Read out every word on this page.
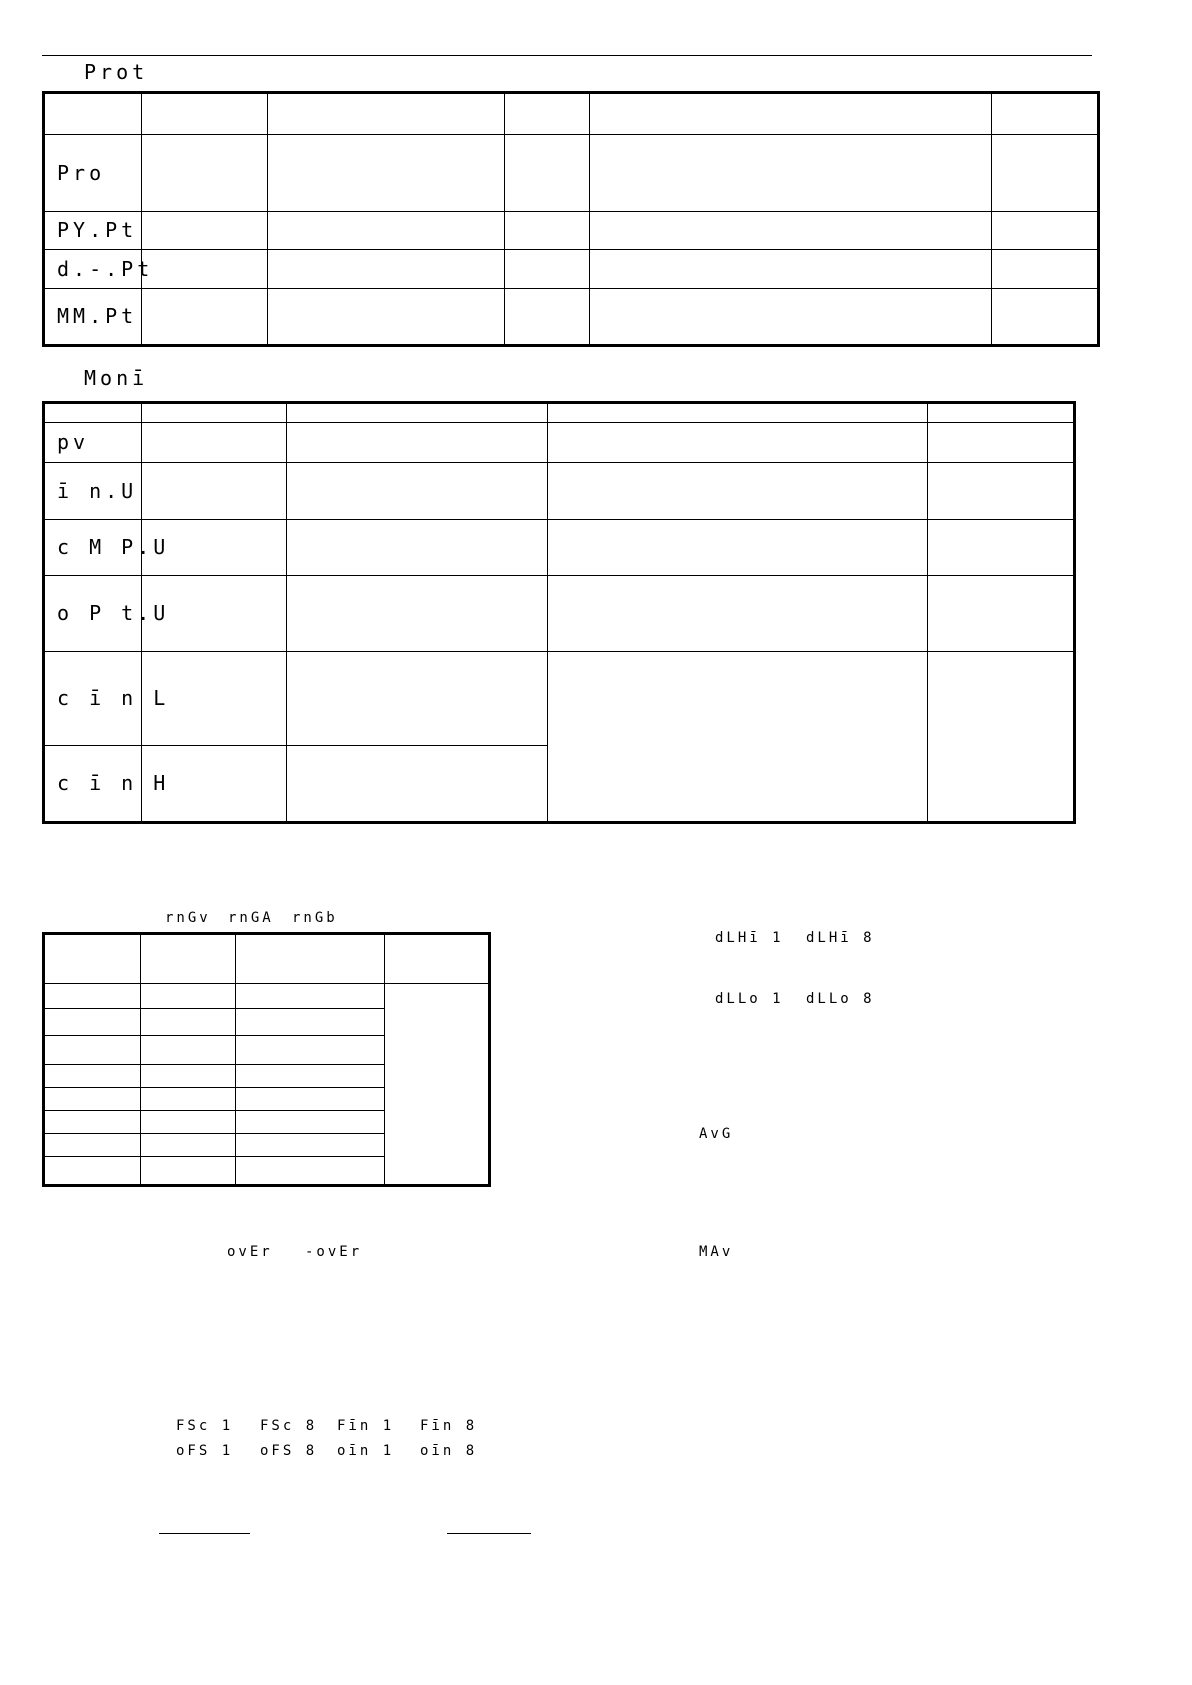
Prot

Pro					
PY.Pt					
d.-.Pt					
MM.Pt					
Monī

pv				
ī n.U				
c M P.U				
o P t.U				
c ī n L				
c ī n H				
rnGv rnGA rnGb

dLHī 1 dLHī 8
dLLo 1 dLLo 8
AvG
MAv
ovEr -ovEr
FSc 1 FSc 8 Fīn 1 Fīn 8
oFS 1 oFS 8 oīn 1 oīn 8
